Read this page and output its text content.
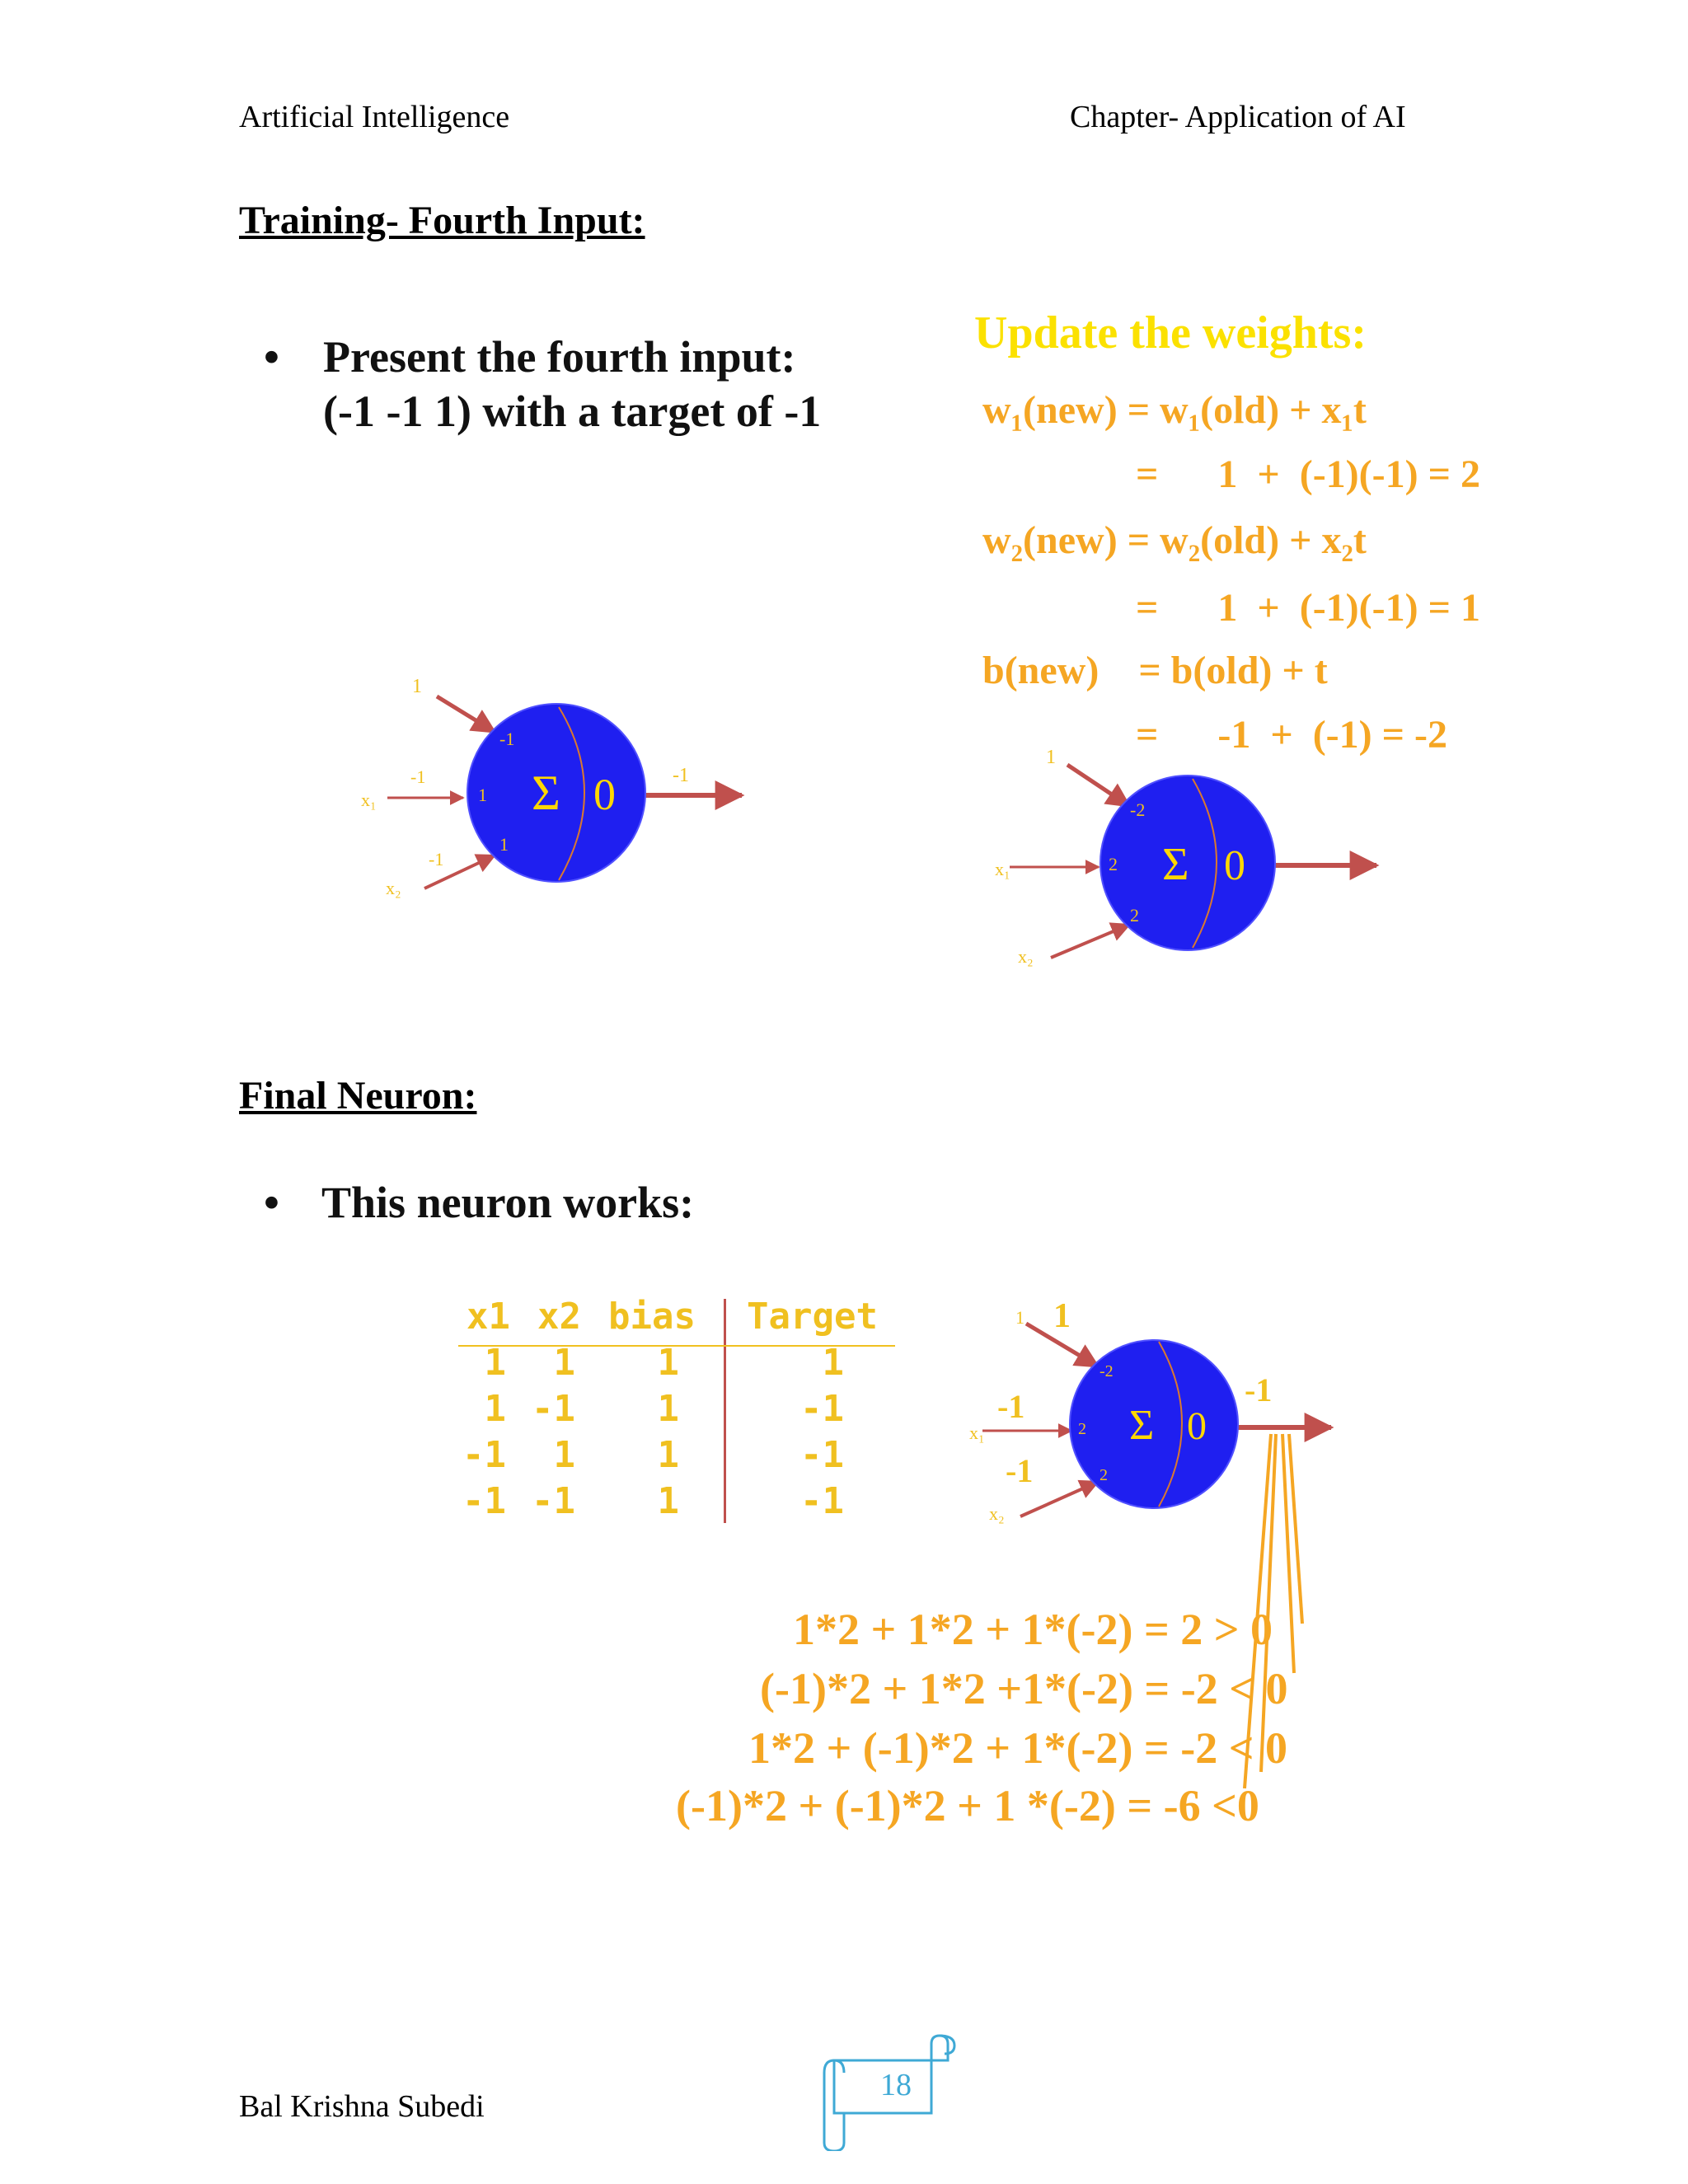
Artificial Intelligence	Chapter- Application of AI
Training- Fourth Input:
• Present the fourth input:
(-1 -1 1) with a target of -1
Update the weights:
w₁(new) = w₁(old) + x₁t
=      1  +  (-1)(-1) = 2
w₂(new) = w₂(old) + x₂t
=      1  +  (-1)(-1) = 1
b(new)    = b(old) + t
=      -1  +  (-1) = -2
Σ 0
1
-1
x₁
-1
1
x₂
-1
1
-1
Σ 0
1
-2
x₁	2
x₂
2
Final Neuron:
• This neuron works:
x1 x2 bias Target
1 1 1	1
1 -1 1	-1
-1 1 1	-1
-1 -1 1	-1
Σ 0
1 1
-2
x₁
-1
2
x₂
-1	2
-1
1*2 + 1*2 + 1*(-2) = 2 > 0
(-1)*2 + 1*2 +1*(-2) = -2 < 0
1*2 + (-1)*2 + 1*(-2) = -2 < 0
(-1)*2 + (-1)*2 + 1 *(-2) = -6 <0
Bal Krishna Subedi
18
